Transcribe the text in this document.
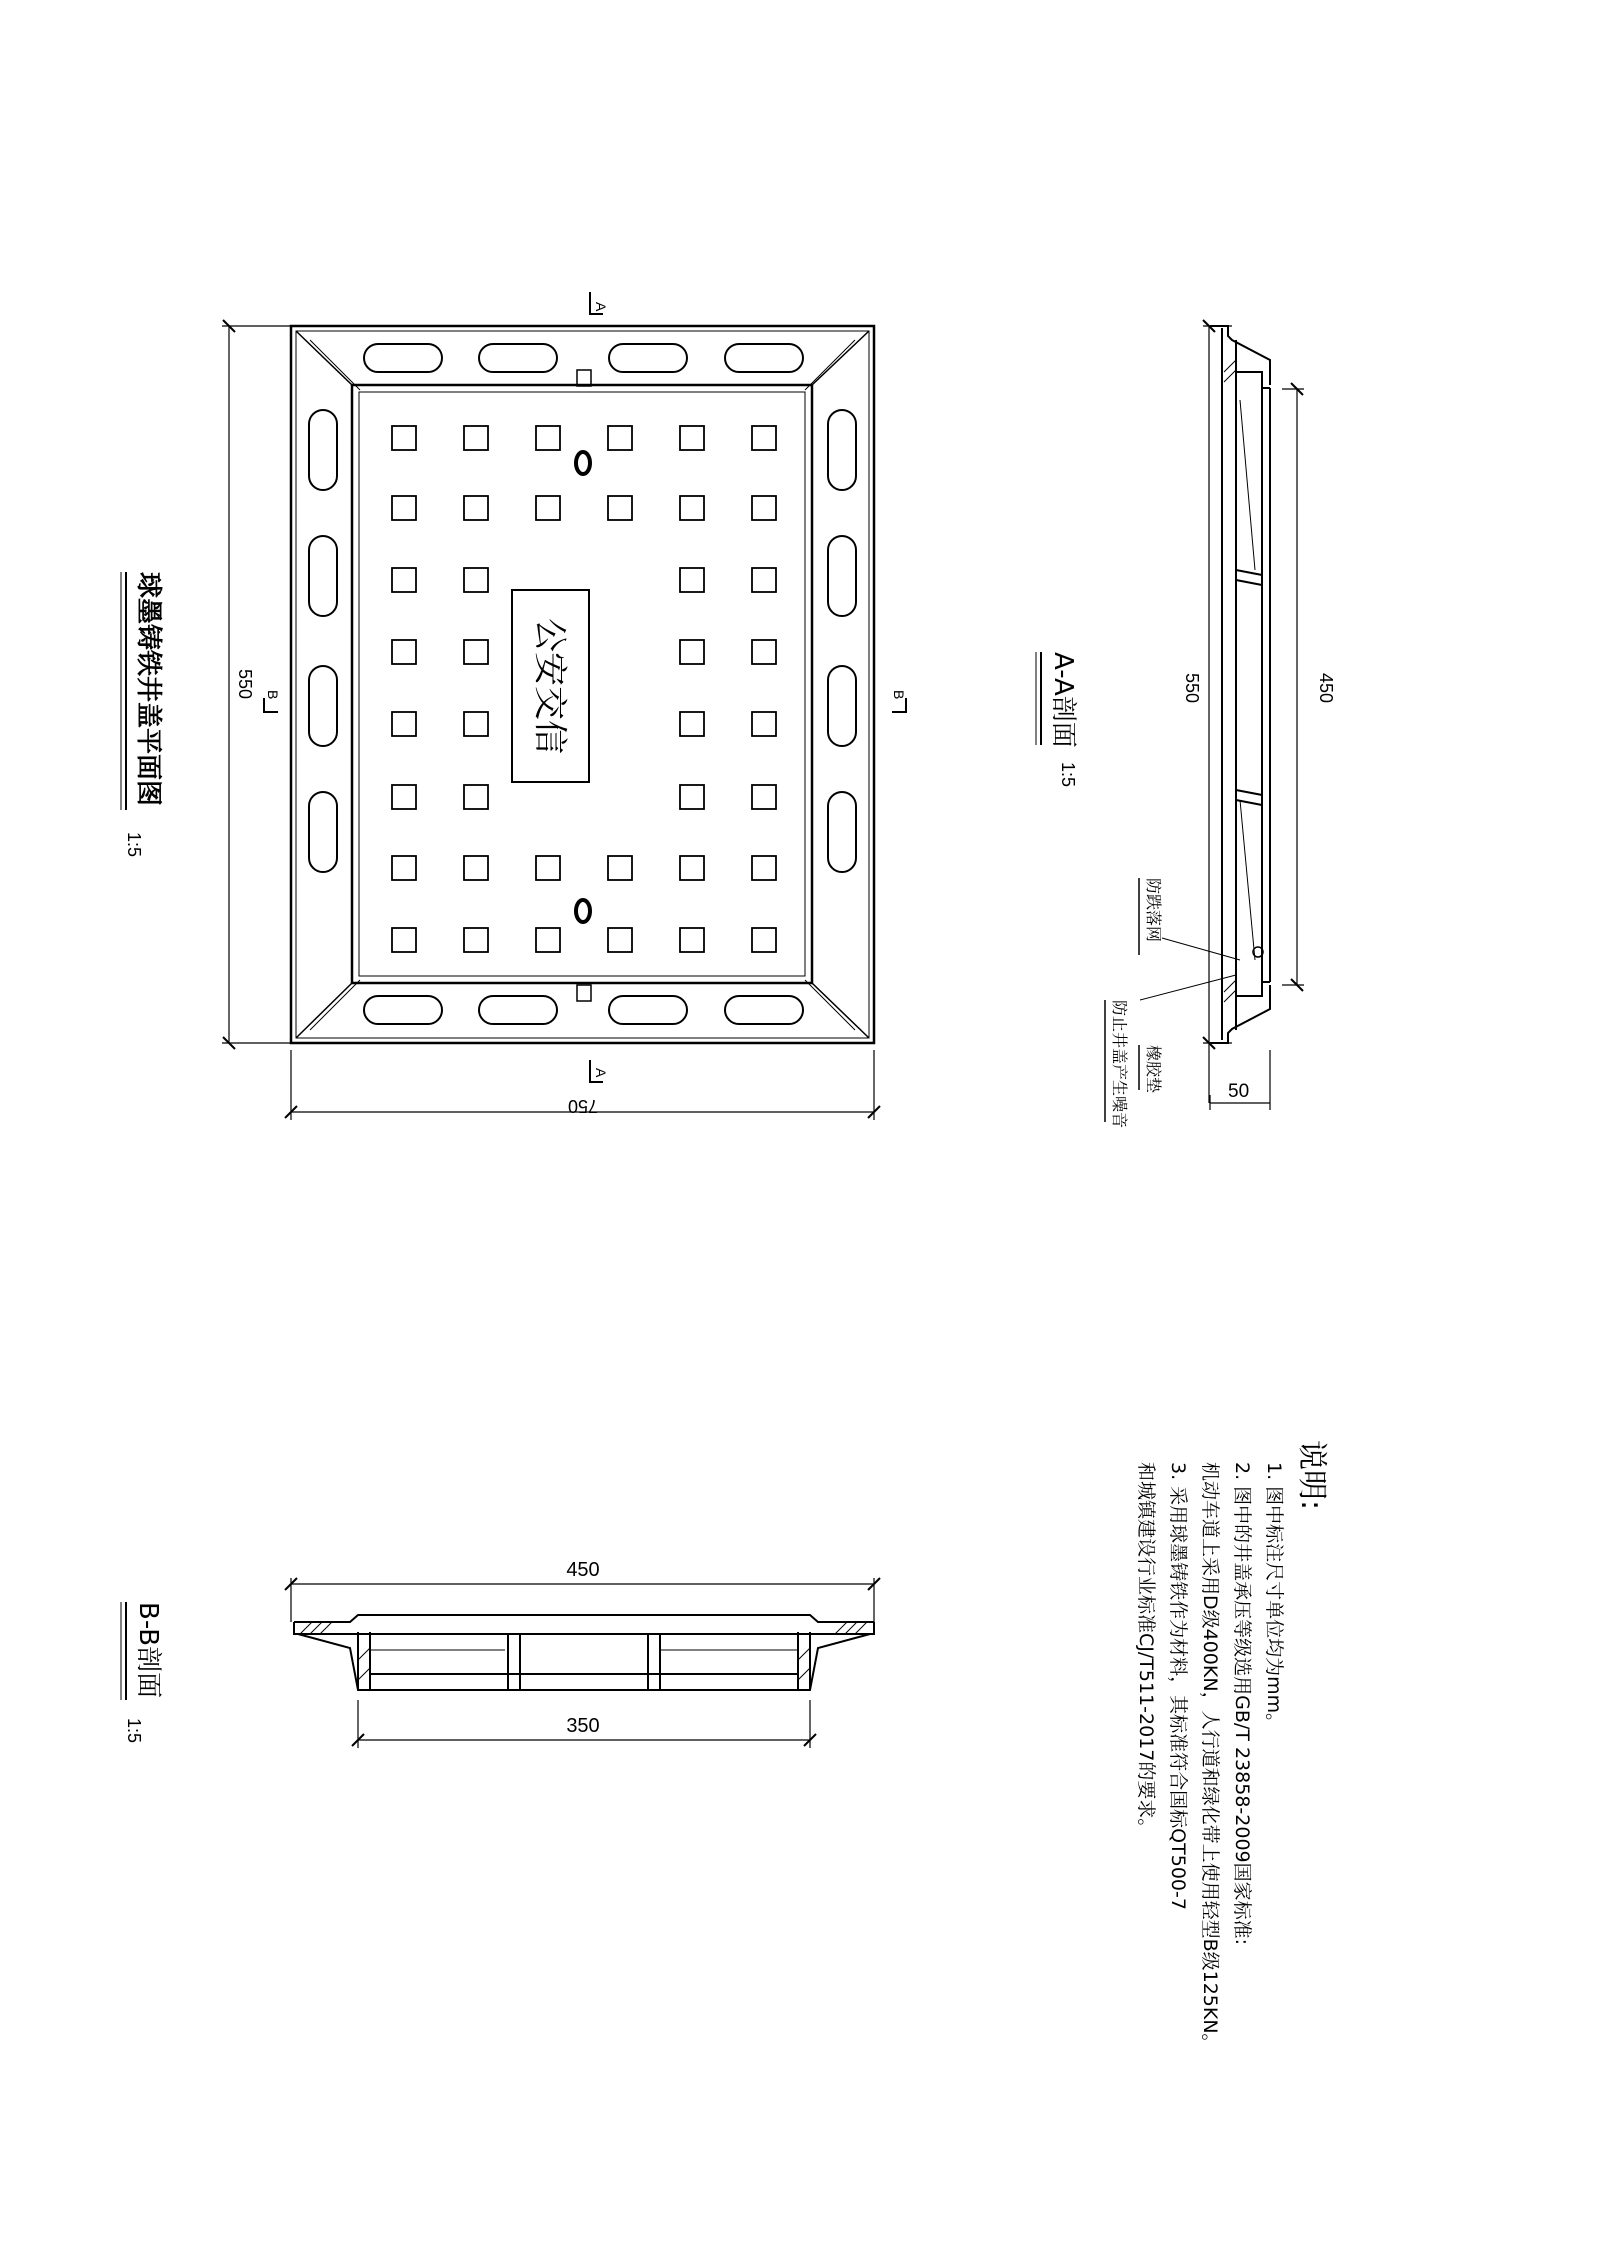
公安交信
550
750
A
A
B	B
球墨铸铁井盖平面图
1:5
550	450
50
A-A剖面
1:5
防跌落网
橡胶垫
防止井盖产生噪音
450
350
B-B剖面
1:5
说明:
1. 图中标注尺寸单位均为mm。
2. 图中的井盖承压等级选用GB/T 23858-2009国家标准:
机动车道上采用D级400KN，人行道和绿化带上使用轻型B级125KN。
3. 采用球墨铸铁作为材料，其标准符合国标QT500-7
和城镇建设行业标准CJ/T511-2017的要求。
